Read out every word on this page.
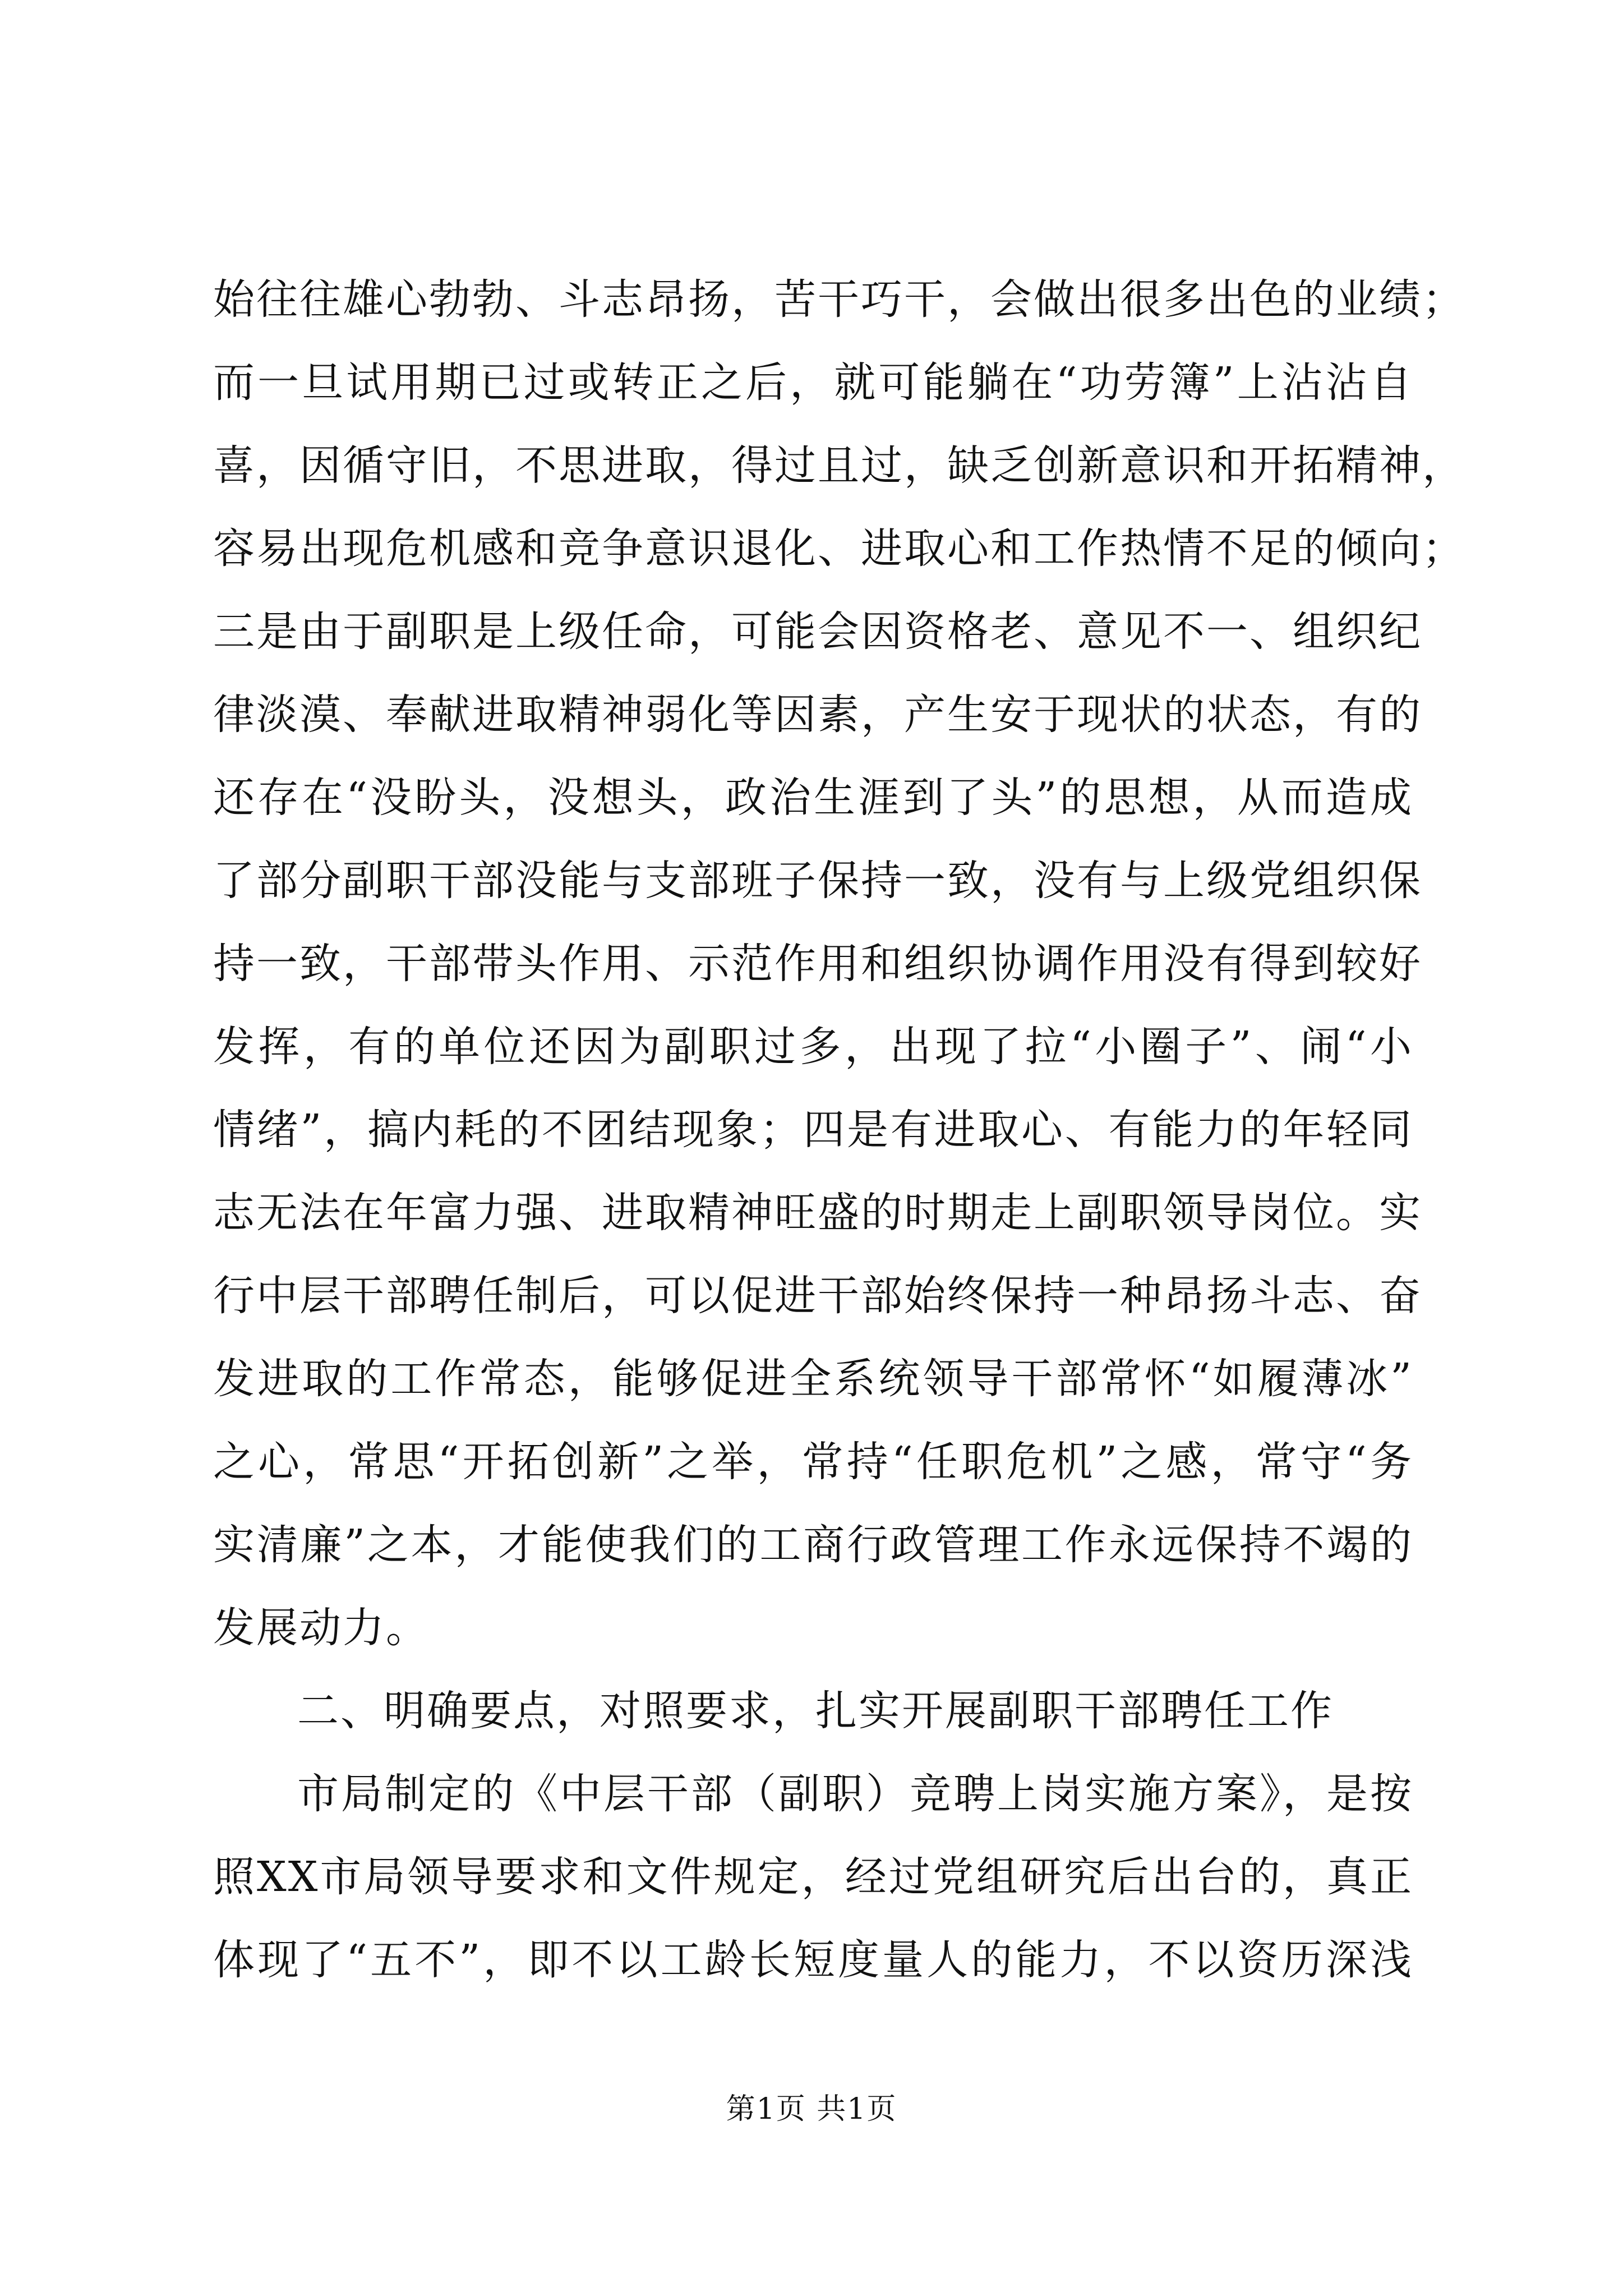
始往往雄心勃勃、斗志昂扬，苦干巧干，会做出很多出色的业绩；
而一旦试用期已过或转正之后，就可能躺在“功劳簿”上沾沾自
喜，因循守旧，不思进取，得过且过，缺乏创新意识和开拓精神，
容易出现危机感和竞争意识退化、进取心和工作热情不足的倾向；
三是由于副职是上级任命，可能会因资格老、意见不一、组织纪
律淡漠、奉献进取精神弱化等因素，产生安于现状的状态，有的
还存在“没盼头，没想头，政治生涯到了头”的思想，从而造成
了部分副职干部没能与支部班子保持一致，没有与上级党组织保
持一致，干部带头作用、示范作用和组织协调作用没有得到较好
发挥，有的单位还因为副职过多，出现了拉“小圈子”、闹“小
情绪”，搞内耗的不团结现象；四是有进取心、有能力的年轻同
志无法在年富力强、进取精神旺盛的时期走上副职领导岗位。实
行中层干部聘任制后，可以促进干部始终保持一种昂扬斗志、奋
发进取的工作常态，能够促进全系统领导干部常怀“如履薄冰”
之心，常思“开拓创新”之举，常持“任职危机”之感，常守“务
实清廉”之本，才能使我们的工商行政管理工作永远保持不竭的
发展动力。
二、明确要点，对照要求，扎实开展副职干部聘任工作
市局制定的《中层干部（副职）竞聘上岗实施方案》，是按
照XX市局领导要求和文件规定，经过党组研究后出台的，真正
体现了“五不”，即不以工龄长短度量人的能力，不以资历深浅
第1页 共1页
